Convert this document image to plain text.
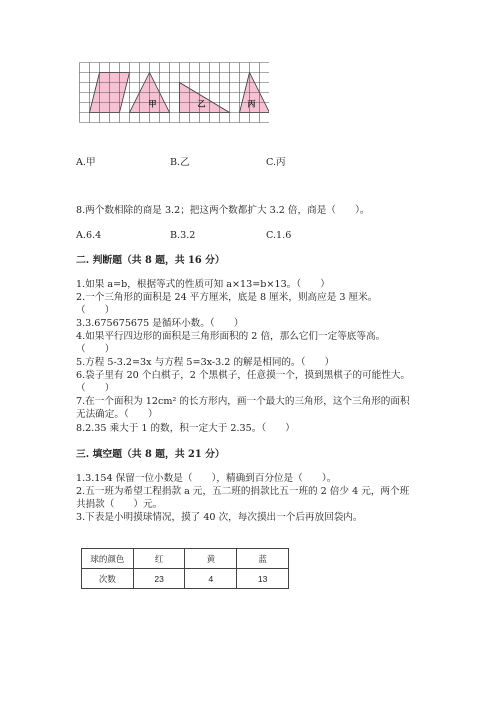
甲	乙	丙
A.甲	B.乙	C.丙
8.两个数相除的商是 3.2；把这两个数都扩大 3.2 倍，商是（　　）。
A.6.4	B.3.2	C.1.6
二. 判断题（共 8 题，共 16 分）
1.如果 a=b，根据等式的性质可知 a×13=b×13。（　　）
2.一个三角形的面积是 24 平方厘米，底是 8 厘米，则高应是 3 厘米。
（　　）
3.3.675675675 是循环小数。（　　）
4.如果平行四边形的面积是三角形面积的 2 倍，那么它们一定等底等高。
（　　）
5.方程 5-3.2=3x 与方程 5=3x-3.2 的解是相同的。（　　）
6.袋子里有 20 个白棋子，2 个黑棋子，任意摸一个，摸到黑棋子的可能性大。
（　　）
7.在一个面积为 12cm² 的长方形内，画一个最大的三角形，这个三角形的面积
无法确定。（　　）
8.2.35 乘大于 1 的数，积一定大于 2.35。（　　）
三. 填空题（共 8 题，共 21 分）
1.3.154 保留一位小数是（　　），精确到百分位是（　　）。
2.五一班为希望工程捐款 a 元，五二班的捐款比五一班的 2 倍少 4 元，两个班
共捐款（　　）元。
3.下表是小明摸球情况，摸了 40 次，每次摸出一个后再放回袋内。
球的颜色	红	黄	蓝
次数	23	4	13
